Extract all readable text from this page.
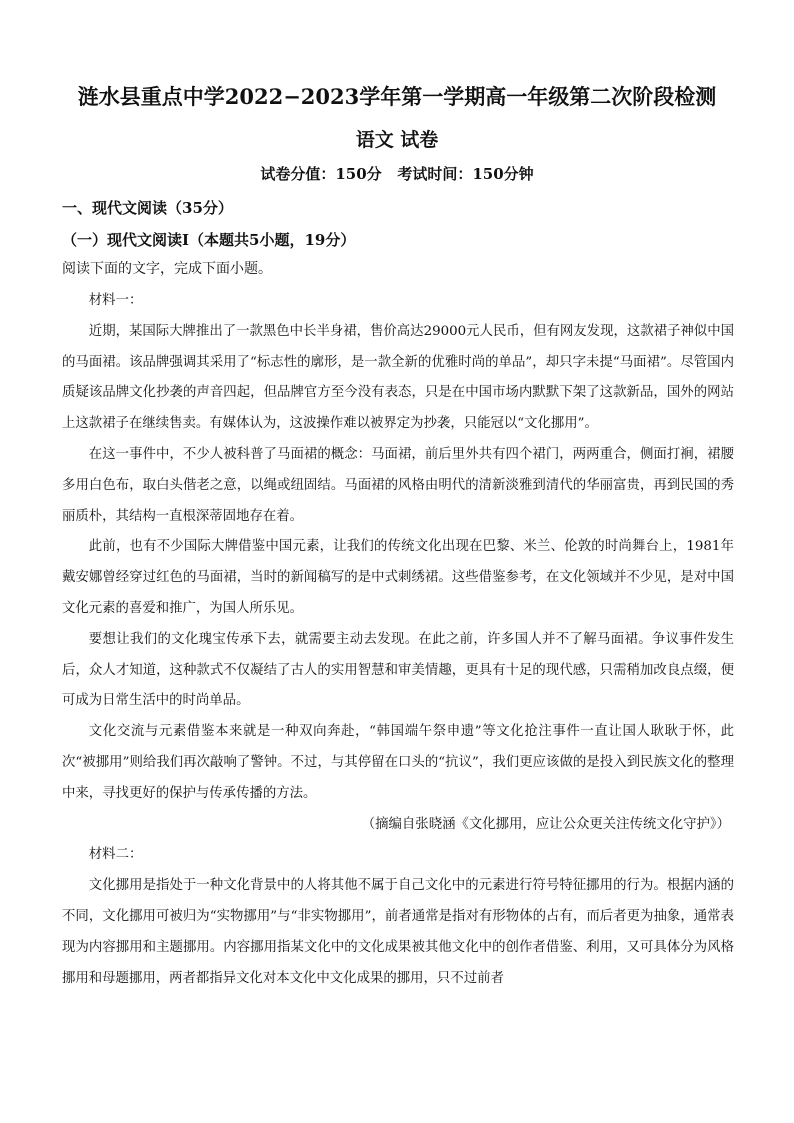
涟水县重点中学2022−2023学年第一学期高一年级第二次阶段检测
语文 试卷
试卷分值：150分   考试时间：150分钟
一、现代文阅读（35分）
（一）现代文阅读Ⅰ（本题共5小题，19分）
阅读下面的文字，完成下面小题。

材料一：

近期，某国际大牌推出了一款黑色中长半身裙，售价高达29000元人民币，但有网友发现，这款裙子神似中国的马面裙。该品牌强调其采用了“标志性的廓形，是一款全新的优雅时尚的单品”，却只字未提“马面裙”。尽管国内质疑该品牌文化抄袭的声音四起，但品牌官方至今没有表态，只是在中国市场内默默下架了这款新品，国外的网站上这款裙子在继续售卖。有媒体认为，这波操作难以被界定为抄袭，只能冠以“文化挪用”。

在这一事件中，不少人被科普了马面裙的概念：马面裙，前后里外共有四个裙门，两两重合，侧面打裥，裙腰多用白色布，取白头偕老之意，以绳或纽固结。马面裙的风格由明代的清新淡雅到清代的华丽富贵，再到民国的秀丽质朴，其结构一直根深蒂固地存在着。

此前，也有不少国际大牌借鉴中国元素，让我们的传统文化出现在巴黎、米兰、伦敦的时尚舞台上，1981年戴安娜曾经穿过红色的马面裙，当时的新闻稿写的是中式刺绣裙。这些借鉴参考，在文化领域并不少见，是对中国文化元素的喜爱和推广，为国人所乐见。

要想让我们的文化瑰宝传承下去，就需要主动去发现。在此之前，许多国人并不了解马面裙。争议事件发生后，众人才知道，这种款式不仅凝结了古人的实用智慧和审美情趣，更具有十足的现代感，只需稍加改良点缀，便可成为日常生活中的时尚单品。

文化交流与元素借鉴本来就是一种双向奔赴，“韩国端午祭申遗”等文化抢注事件一直让国人耿耿于怀，此次“被挪用”则给我们再次敲响了警钟。不过，与其停留在口头的“抗议”，我们更应该做的是投入到民族文化的整理中来，寻找更好的保护与传承传播的方法。

（摘编自张晓涵《文化挪用，应让公众更关注传统文化守护》）

材料二：

文化挪用是指处于一种文化背景中的人将其他不属于自己文化中的元素进行符号特征挪用的行为。根据内涵的不同，文化挪用可被归为“实物挪用”与“非实物挪用”，前者通常是指对有形物体的占有，而后者更为抽象，通常表现为内容挪用和主题挪用。内容挪用指某文化中的文化成果被其他文化中的创作者借鉴、利用，又可具体分为风格挪用和母题挪用，两者都指异文化对本文化中文化成果的挪用，只不过前者
